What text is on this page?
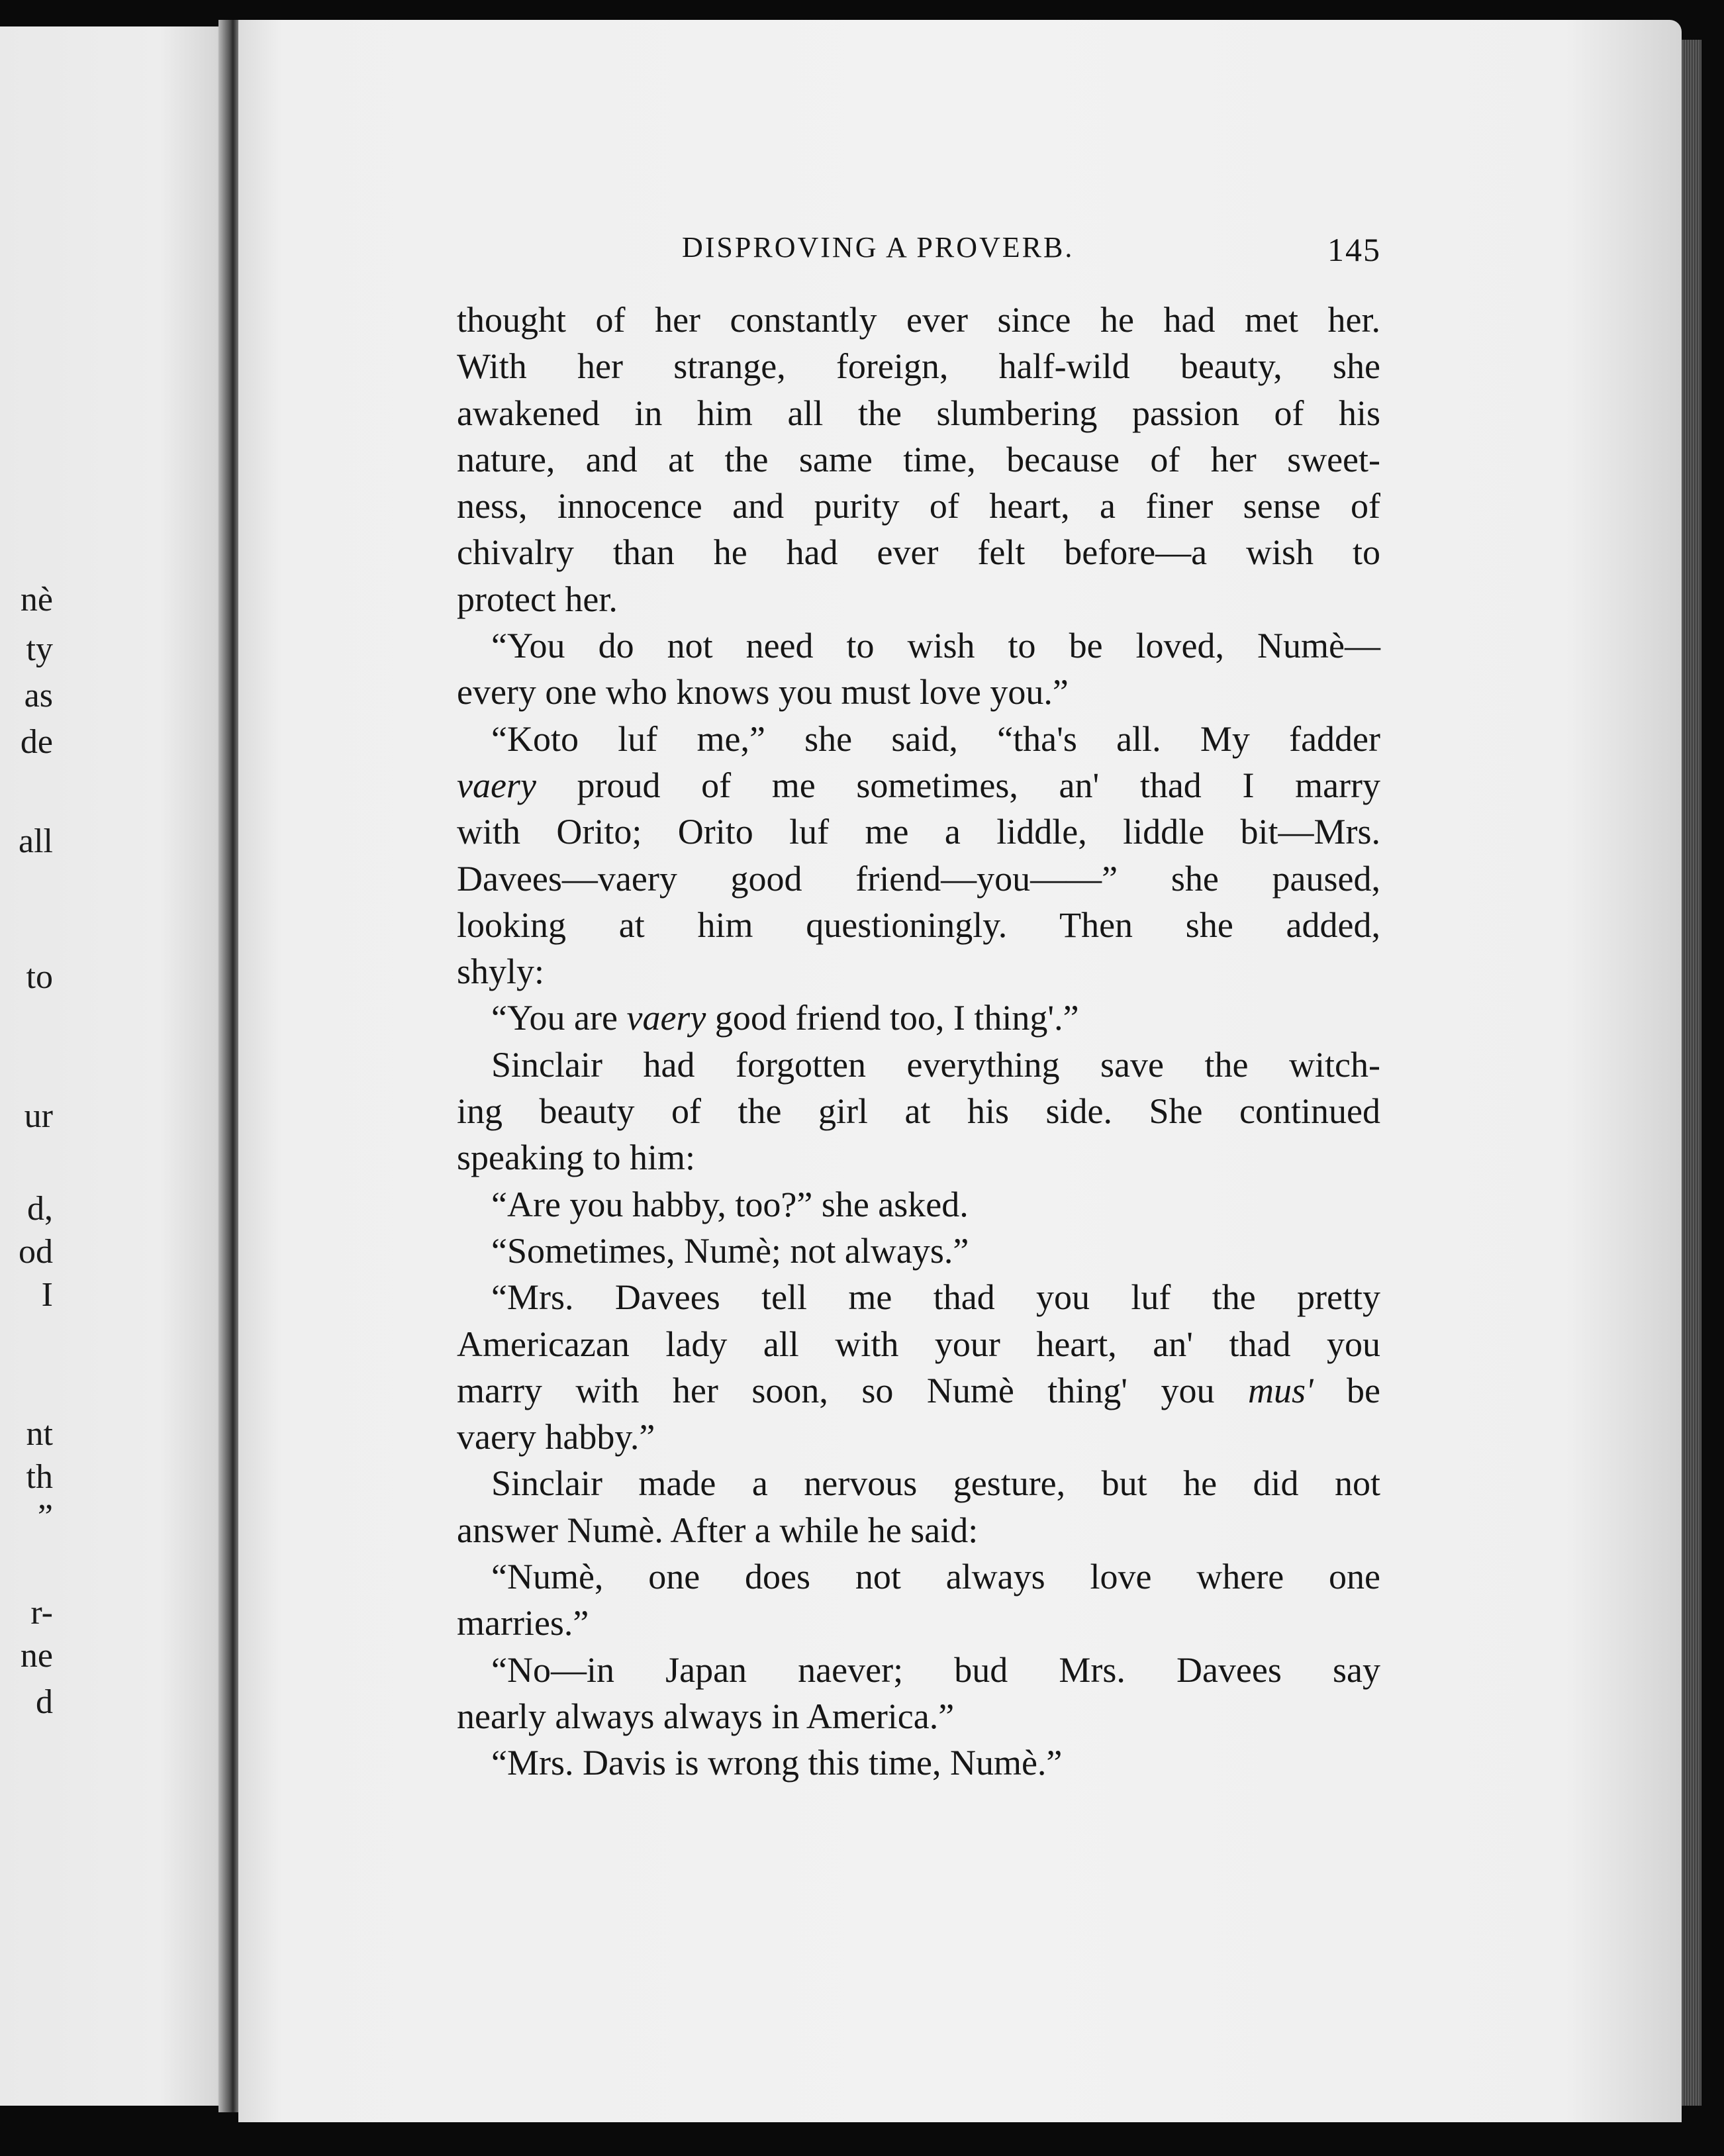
nè
ty
as
de
all
to
ur
d,
od
I
nt
th
”
r-
ne
d
DISPROVING A PROVERB.	145
thought of her constantly ever since he had met her.
With her strange, foreign, half-wild beauty, she
awakened in him all the slumbering passion of his
nature, and at the same time, because of her sweet-
ness, innocence and purity of heart, a finer sense of
chivalry than he had ever felt before—a wish to
protect her.
“You do not need to wish to be loved, Numè—
every one who knows you must love you.”
“Koto luf me,” she said, “tha's all. My fadder
vaery proud of me sometimes, an' thad I marry
with Orito; Orito luf me a liddle, liddle bit—Mrs.
Davees—vaery good friend—you——” she paused,
looking at him questioningly. Then she added,
shyly:
“You are vaery good friend too, I thing'.”
Sinclair had forgotten everything save the witch-
ing beauty of the girl at his side. She continued
speaking to him:
“Are you habby, too?” she asked.
“Sometimes, Numè; not always.”
“Mrs. Davees tell me thad you luf the pretty
Americazan lady all with your heart, an' thad you
marry with her soon, so Numè thing' you mus' be
vaery habby.”
Sinclair made a nervous gesture, but he did not
answer Numè. After a while he said:
“Numè, one does not always love where one
marries.”
“No—in Japan naever; bud Mrs. Davees say
nearly always always in America.”
“Mrs. Davis is wrong this time, Numè.”
